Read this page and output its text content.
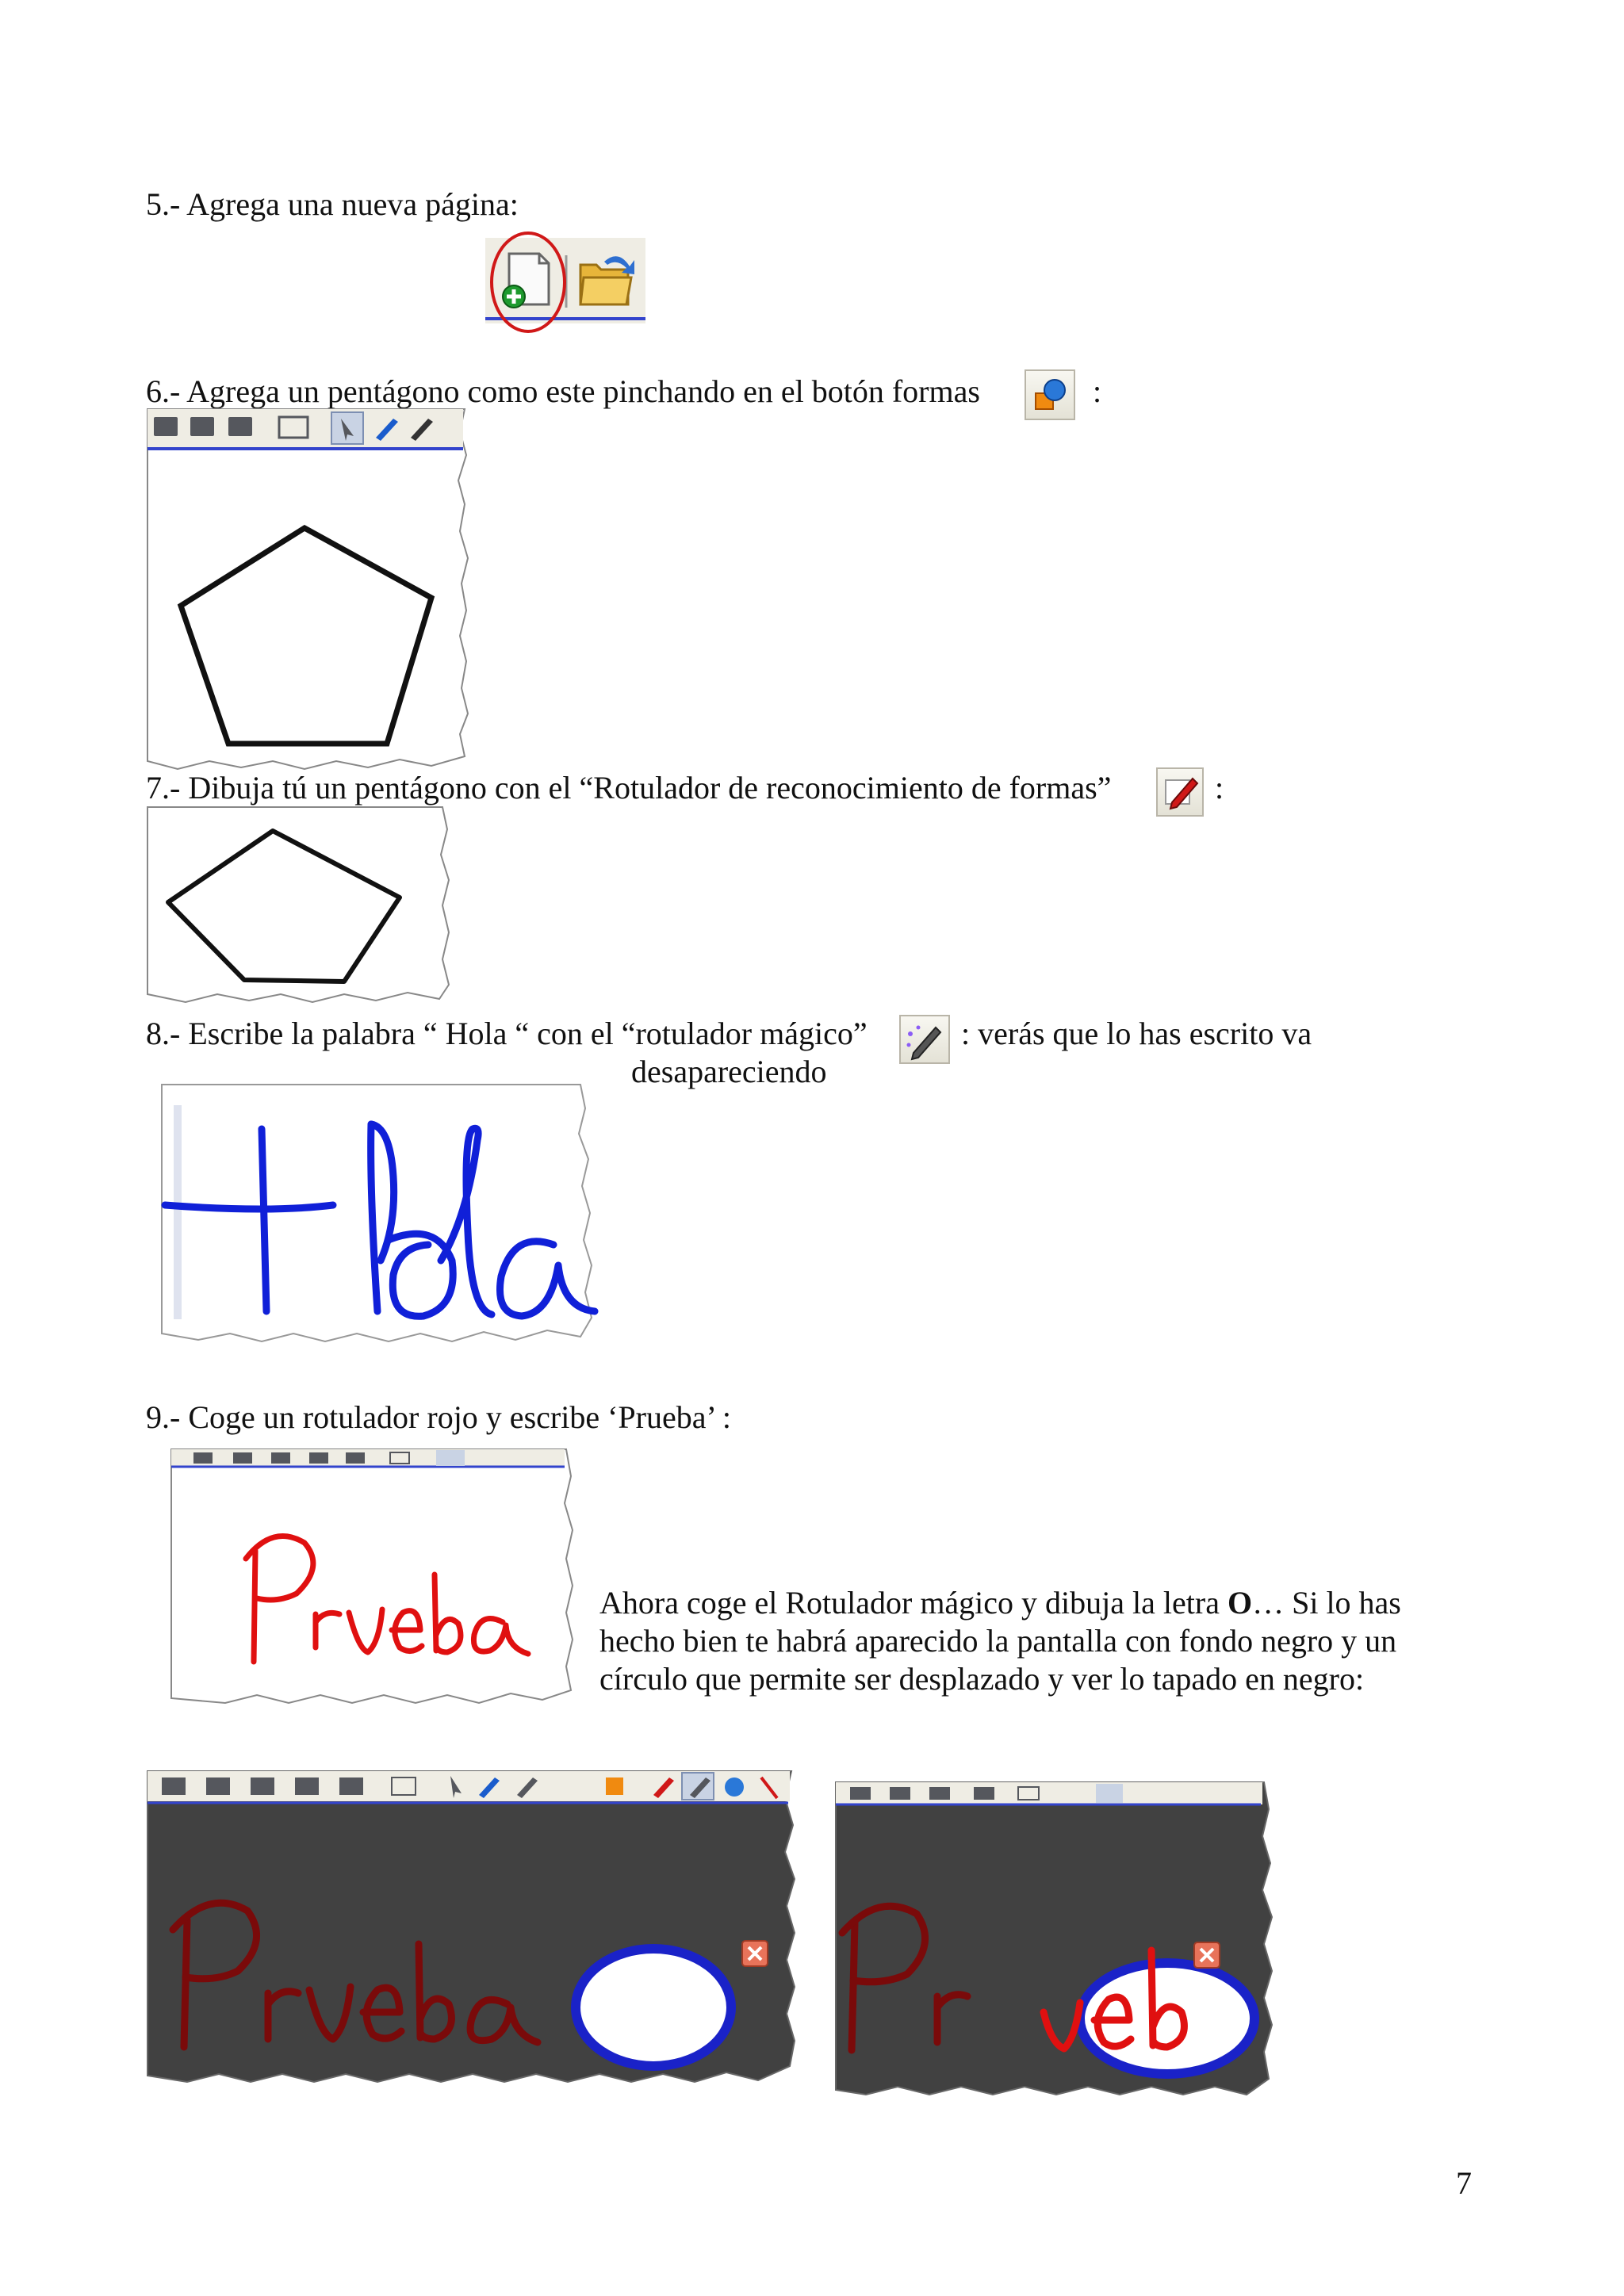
5.- Agrega una nueva página:
6.- Agrega un pentágono como este pinchando en el botón formas	:
7.- Dibuja tú un pentágono con el “Rotulador de reconocimiento de formas”	:
8.- Escribe la palabra “ Hola “ con el “rotulador mágico”	: verás que lo has escrito va
desapareciendo
9.- Coge un rotulador rojo y escribe ‘Prueba’ :
Ahora coge el Rotulador mágico y dibuja la letra O… Si lo has
hecho bien te habrá aparecido la pantalla con fondo negro y un
círculo que permite ser desplazado y ver lo tapado en negro:
7
